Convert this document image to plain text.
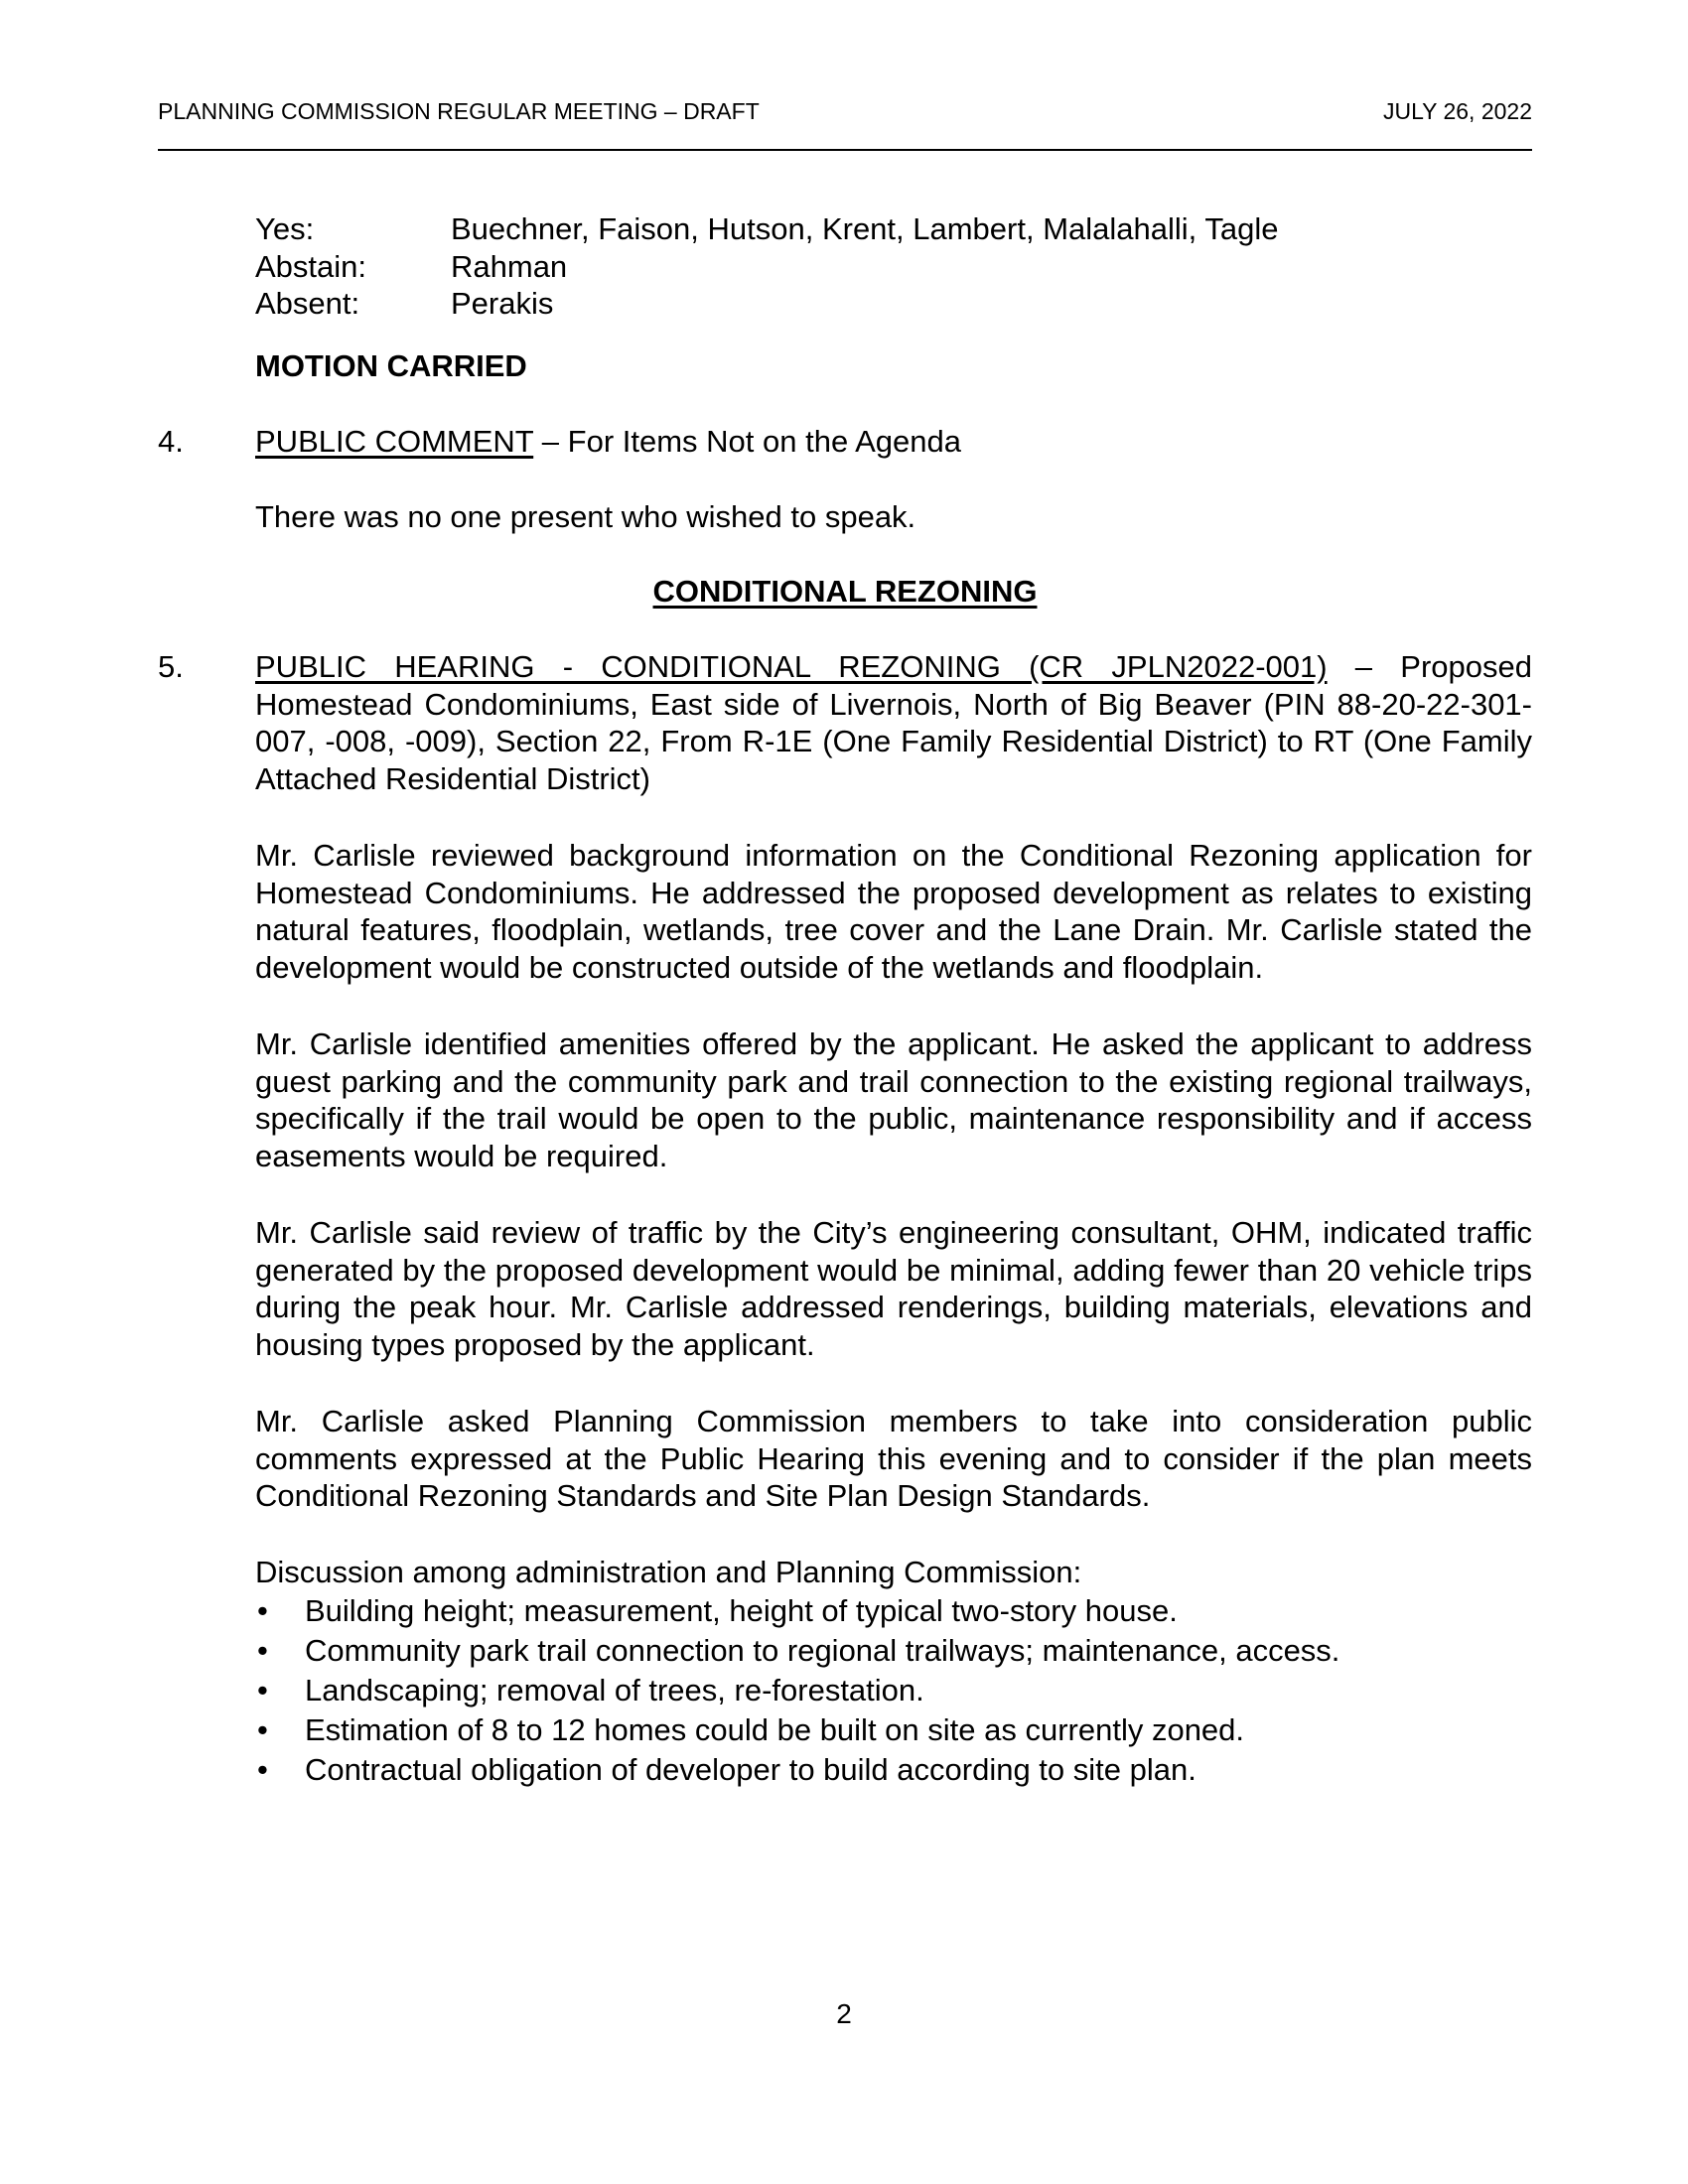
PLANNING COMMISSION REGULAR MEETING – DRAFT	JULY 26, 2022
Yes:	Buechner, Faison, Hutson, Krent, Lambert, Malalahalli, Tagle
Abstain:	Rahman
Absent:	Perakis
MOTION CARRIED
4. PUBLIC COMMENT – For Items Not on the Agenda
There was no one present who wished to speak.
CONDITIONAL REZONING
5. PUBLIC HEARING - CONDITIONAL REZONING (CR JPLN2022-001) – Proposed Homestead Condominiums, East side of Livernois, North of Big Beaver (PIN 88-20-22-301-007, -008, -009), Section 22, From R-1E (One Family Residential District) to RT (One Family Attached Residential District)
Mr. Carlisle reviewed background information on the Conditional Rezoning application for Homestead Condominiums. He addressed the proposed development as relates to existing natural features, floodplain, wetlands, tree cover and the Lane Drain. Mr. Carlisle stated the development would be constructed outside of the wetlands and floodplain.
Mr. Carlisle identified amenities offered by the applicant. He asked the applicant to address guest parking and the community park and trail connection to the existing regional trailways, specifically if the trail would be open to the public, maintenance responsibility and if access easements would be required.
Mr. Carlisle said review of traffic by the City’s engineering consultant, OHM, indicated traffic generated by the proposed development would be minimal, adding fewer than 20 vehicle trips during the peak hour. Mr. Carlisle addressed renderings, building materials, elevations and housing types proposed by the applicant.
Mr. Carlisle asked Planning Commission members to take into consideration public comments expressed at the Public Hearing this evening and to consider if the plan meets Conditional Rezoning Standards and Site Plan Design Standards.
Discussion among administration and Planning Commission:
• Building height; measurement, height of typical two-story house.
• Community park trail connection to regional trailways; maintenance, access.
• Landscaping; removal of trees, re-forestation.
• Estimation of 8 to 12 homes could be built on site as currently zoned.
• Contractual obligation of developer to build according to site plan.
2
